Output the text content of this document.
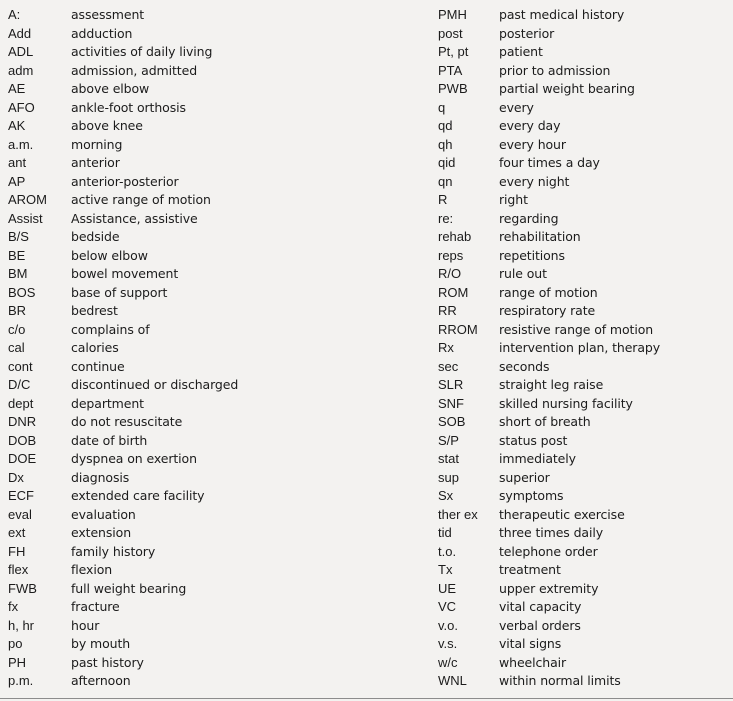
A:	assessment
Add	adduction
ADL	activities of daily living
adm	admission, admitted
AE	above elbow
AFO	ankle-foot orthosis
AK	above knee
a.m.	morning
ant	anterior
AP	anterior-posterior
AROM	active range of motion
Assist	Assistance, assistive
B/S	bedside
BE	below elbow
BM	bowel movement
BOS	base of support
BR	bedrest
c/o	complains of
cal	calories
cont	continue
D/C	discontinued or discharged
dept	department
DNR	do not resuscitate
DOB	date of birth
DOE	dyspnea on exertion
Dx	diagnosis
ECF	extended care facility
eval	evaluation
ext	extension
FH	family history
flex	flexion
FWB	full weight bearing
fx	fracture
h, hr	hour
po	by mouth
PH	past history
p.m.	afternoon
PMH	past medical history
post	posterior
Pt, pt	patient
PTA	prior to admission
PWB	partial weight bearing
q	every
qd	every day
qh	every hour
qid	four times a day
qn	every night
R	right
re:	regarding
rehab	rehabilitation
reps	repetitions
R/O	rule out
ROM	range of motion
RR	respiratory rate
RROM	resistive range of motion
Rx	intervention plan, therapy
sec	seconds
SLR	straight leg raise
SNF	skilled nursing facility
SOB	short of breath
S/P	status post
stat	immediately
sup	superior
Sx	symptoms
ther ex	therapeutic exercise
tid	three times daily
t.o.	telephone order
Tx	treatment
UE	upper extremity
VC	vital capacity
v.o.	verbal orders
v.s.	vital signs
w/c	wheelchair
WNL	within normal limits
